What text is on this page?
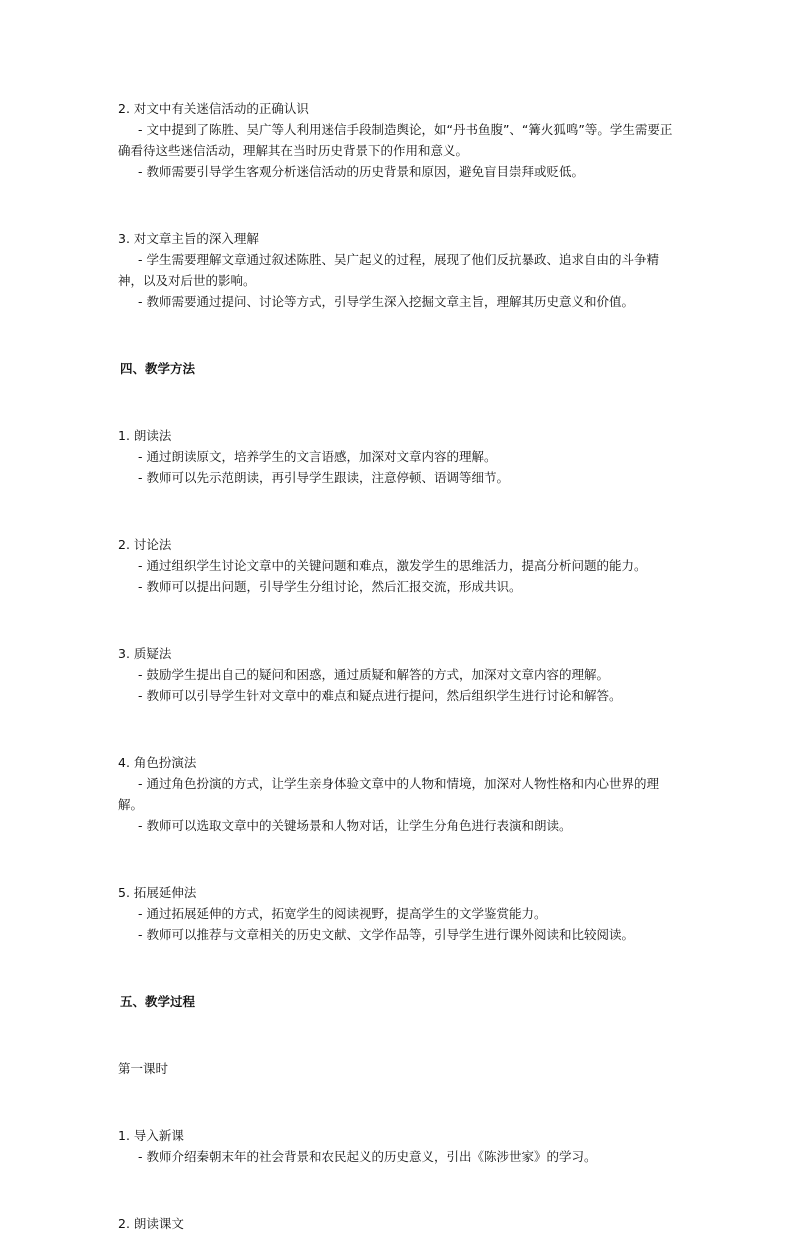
2. 对文中有关迷信活动的正确认识

- 文中提到了陈胜、吴广等人利用迷信手段制造舆论，如“丹书鱼腹”、“篝火狐鸣”等。学生需要正确看待这些迷信活动，理解其在当时历史背景下的作用和意义。

- 教师需要引导学生客观分析迷信活动的历史背景和原因，避免盲目崇拜或贬低。

3. 对文章主旨的深入理解

- 学生需要理解文章通过叙述陈胜、吴广起义的过程，展现了他们反抗暴政、追求自由的斗争精神，以及对后世的影响。

- 教师需要通过提问、讨论等方式，引导学生深入挖掘文章主旨，理解其历史意义和价值。

四、教学方法

1. 朗读法

- 通过朗读原文，培养学生的文言语感，加深对文章内容的理解。

- 教师可以先示范朗读，再引导学生跟读，注意停顿、语调等细节。

2. 讨论法

- 通过组织学生讨论文章中的关键问题和难点，激发学生的思维活力，提高分析问题的能力。

- 教师可以提出问题，引导学生分组讨论，然后汇报交流，形成共识。

3. 质疑法

- 鼓励学生提出自己的疑问和困惑，通过质疑和解答的方式，加深对文章内容的理解。

- 教师可以引导学生针对文章中的难点和疑点进行提问，然后组织学生进行讨论和解答。

4. 角色扮演法

- 通过角色扮演的方式，让学生亲身体验文章中的人物和情境，加深对人物性格和内心世界的理解。

- 教师可以选取文章中的关键场景和人物对话，让学生分角色进行表演和朗读。

5. 拓展延伸法

- 通过拓展延伸的方式，拓宽学生的阅读视野，提高学生的文学鉴赏能力。

- 教师可以推荐与文章相关的历史文献、文学作品等，引导学生进行课外阅读和比较阅读。

五、教学过程

第一课时

1. 导入新课

- 教师介绍秦朝末年的社会背景和农民起义的历史意义，引出《陈涉世家》的学习。

2. 朗读课文
